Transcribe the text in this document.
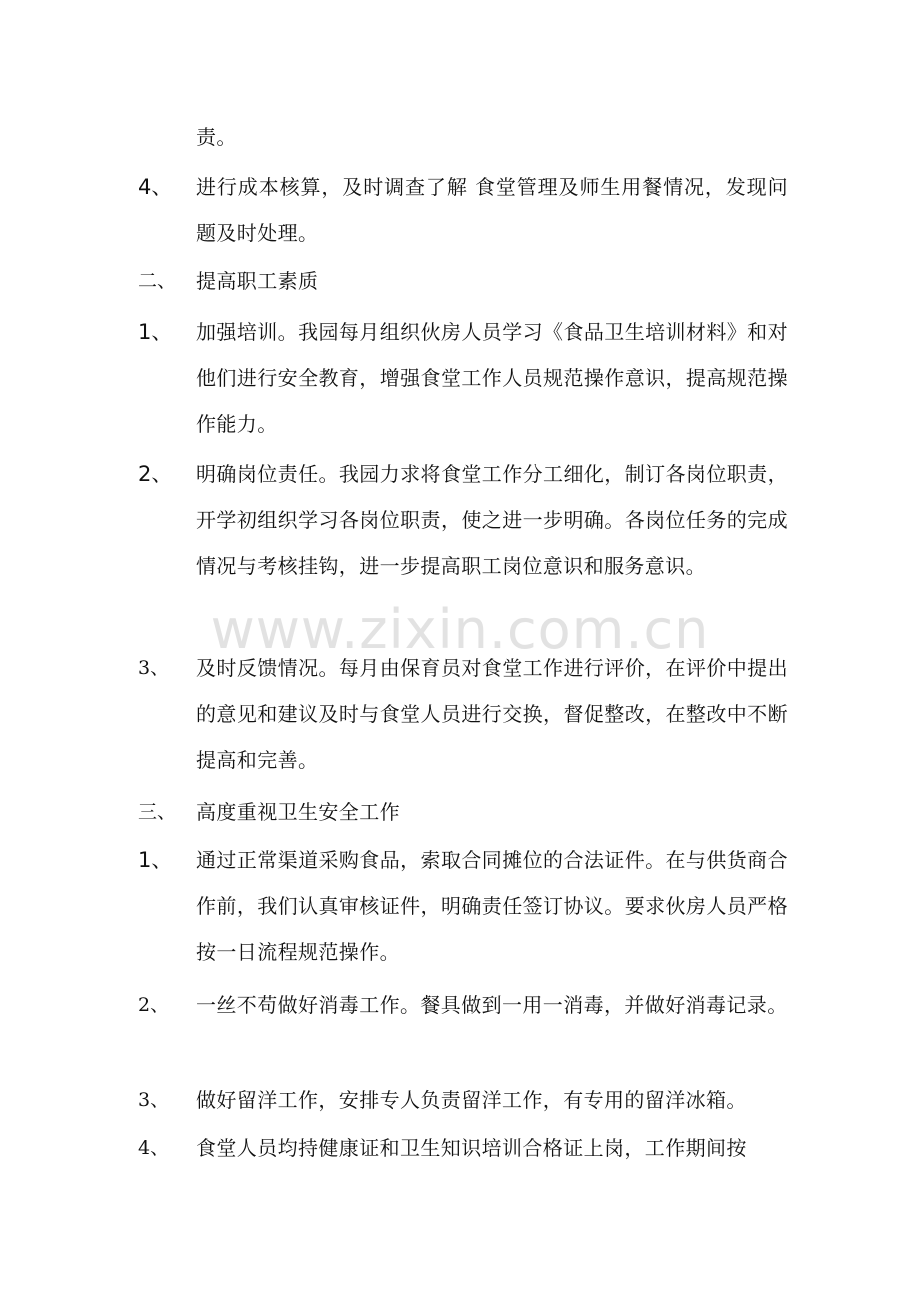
www.zixin.com.cn
责。
4、 进行成本核算，及时调查了解 食堂管理及师生用餐情况，发现问题及时处理。
二、 提高职工素质
1、 加强培训。我园每月组织伙房人员学习《食品卫生培训材料》和对他们进行安全教育，增强食堂工作人员规范操作意识，提高规范操作能力。
2、 明确岗位责任。我园力求将食堂工作分工细化，制订各岗位职责，开学初组织学习各岗位职责，使之进一步明确。各岗位任务的完成情况与考核挂钩，进一步提高职工岗位意识和服务意识。
3、 及时反馈情况。每月由保育员对食堂工作进行评价，在评价中提出的意见和建议及时与食堂人员进行交换，督促整改，在整改中不断提高和完善。
三、 高度重视卫生安全工作
1、 通过正常渠道采购食品，索取合同摊位的合法证件。在与供货商合作前，我们认真审核证件，明确责任签订协议。要求伙房人员严格按一日流程规范操作。
2、 一丝不苟做好消毒工作。餐具做到一用一消毒，并做好消毒记录。
3、 做好留洋工作，安排专人负责留洋工作，有专用的留洋冰箱。
4、 食堂人员均持健康证和卫生知识培训合格证上岗，工作期间按
